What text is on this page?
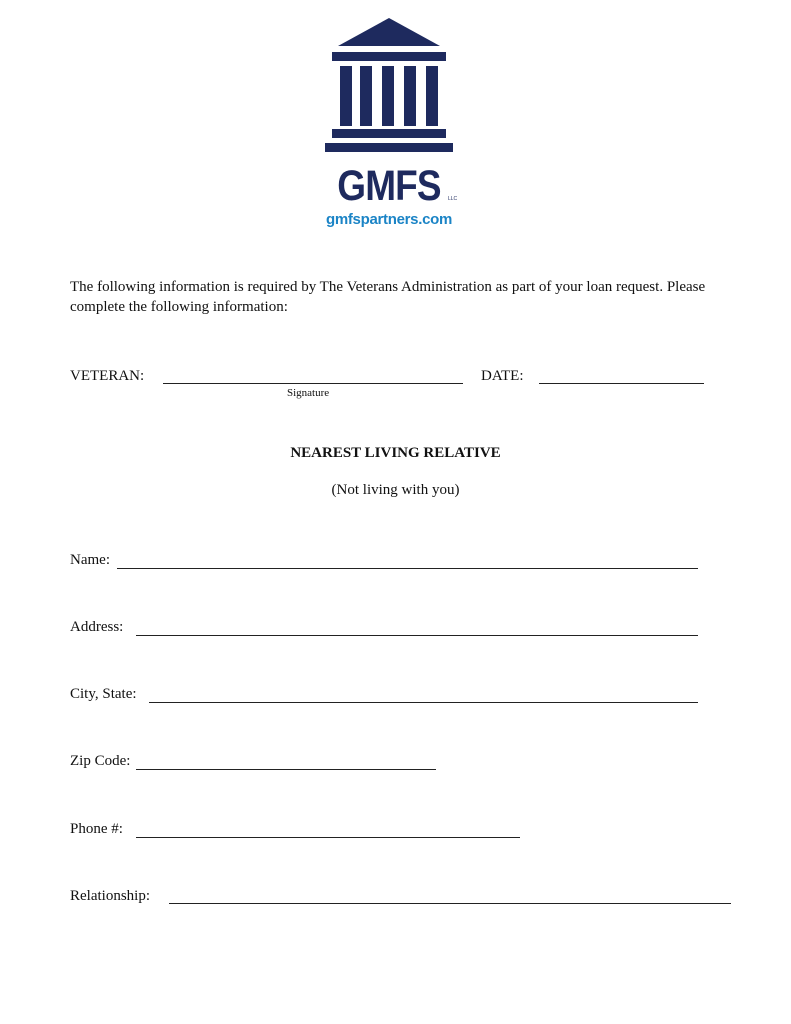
GMFS	LLC
gmfspartners.com
The following information is required by The Veterans Administration as part of your loan request. Please complete the following information:
VETERAN:
Signature
DATE:
NEAREST LIVING RELATIVE
(Not living with you)
Name:
Address:
City, State:
Zip Code:
Phone #:
Relationship:
